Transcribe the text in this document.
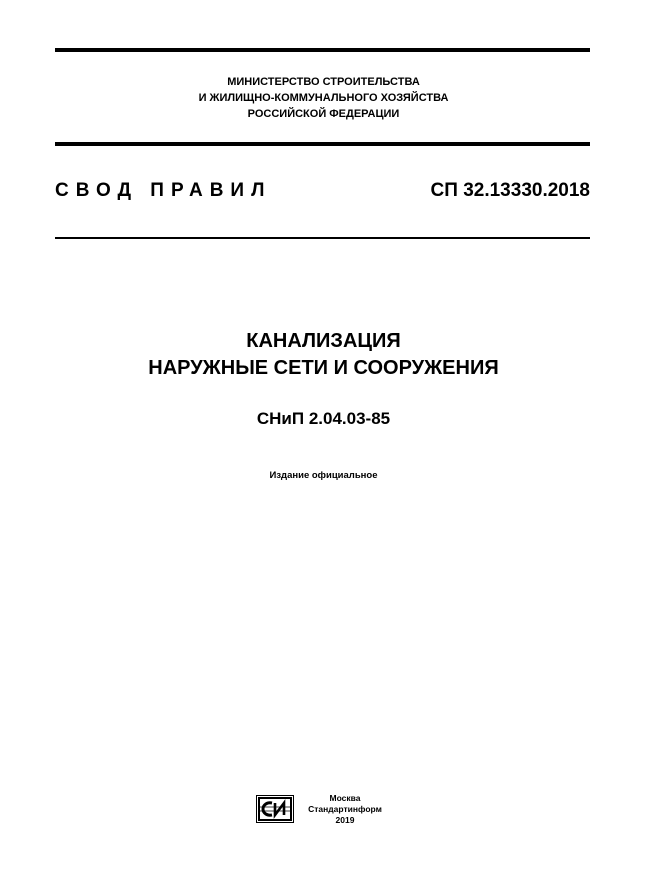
МИНИСТЕРСТВО СТРОИТЕЛЬСТВА
И ЖИЛИЩНО-КОММУНАЛЬНОГО ХОЗЯЙСТВА
РОССИЙСКОЙ ФЕДЕРАЦИИ
СВОД ПРАВИЛ	СП 32.13330.2018
КАНАЛИЗАЦИЯ
НАРУЖНЫЕ СЕТИ И СООРУЖЕНИЯ
СНиП 2.04.03-85
Издание официальное
Москва
Стандартинформ
2019
